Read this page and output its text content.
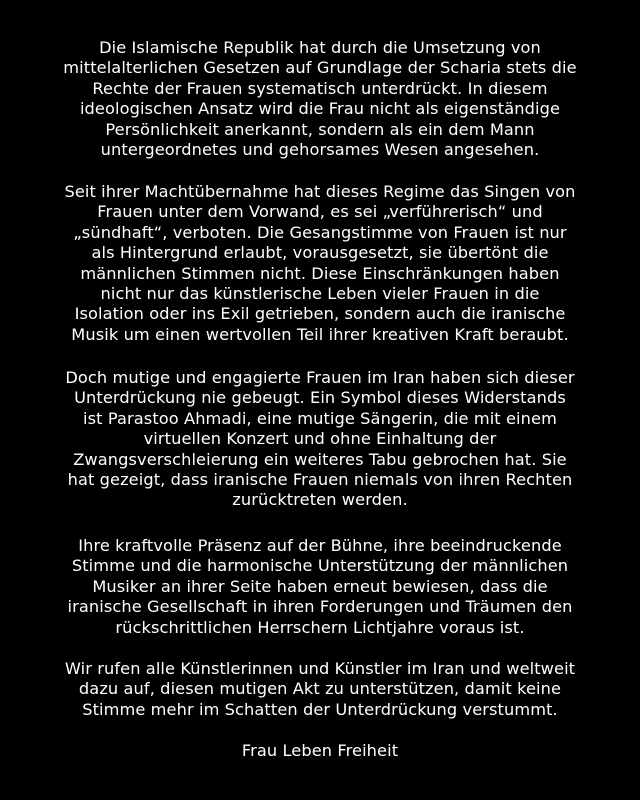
Die Islamische Republik hat durch die Umsetzung von
mittelalterlichen Gesetzen auf Grundlage der Scharia stets die
Rechte der Frauen systematisch unterdrückt. In diesem
ideologischen Ansatz wird die Frau nicht als eigenständige
Persönlichkeit anerkannt, sondern als ein dem Mann
untergeordnetes und gehorsames Wesen angesehen.

Seit ihrer Machtübernahme hat dieses Regime das Singen von
Frauen unter dem Vorwand, es sei „verführerisch“ und
„sündhaft“, verboten. Die Gesangstimme von Frauen ist nur
als Hintergrund erlaubt, vorausgesetzt, sie übertönt die
männlichen Stimmen nicht. Diese Einschränkungen haben
nicht nur das künstlerische Leben vieler Frauen in die
Isolation oder ins Exil getrieben, sondern auch die iranische
Musik um einen wertvollen Teil ihrer kreativen Kraft beraubt.

Doch mutige und engagierte Frauen im Iran haben sich dieser
Unterdrückung nie gebeugt. Ein Symbol dieses Widerstands
ist Parastoo Ahmadi, eine mutige Sängerin, die mit einem
virtuellen Konzert und ohne Einhaltung der
Zwangsverschleierung ein weiteres Tabu gebrochen hat. Sie
hat gezeigt, dass iranische Frauen niemals von ihren Rechten
zurücktreten werden.

Ihre kraftvolle Präsenz auf der Bühne, ihre beeindruckende
Stimme und die harmonische Unterstützung der männlichen
Musiker an ihrer Seite haben erneut bewiesen, dass die
iranische Gesellschaft in ihren Forderungen und Träumen den
rückschrittlichen Herrschern Lichtjahre voraus ist.

Wir rufen alle Künstlerinnen und Künstler im Iran und weltweit
dazu auf, diesen mutigen Akt zu unterstützen, damit keine
Stimme mehr im Schatten der Unterdrückung verstummt.

Frau Leben Freiheit
